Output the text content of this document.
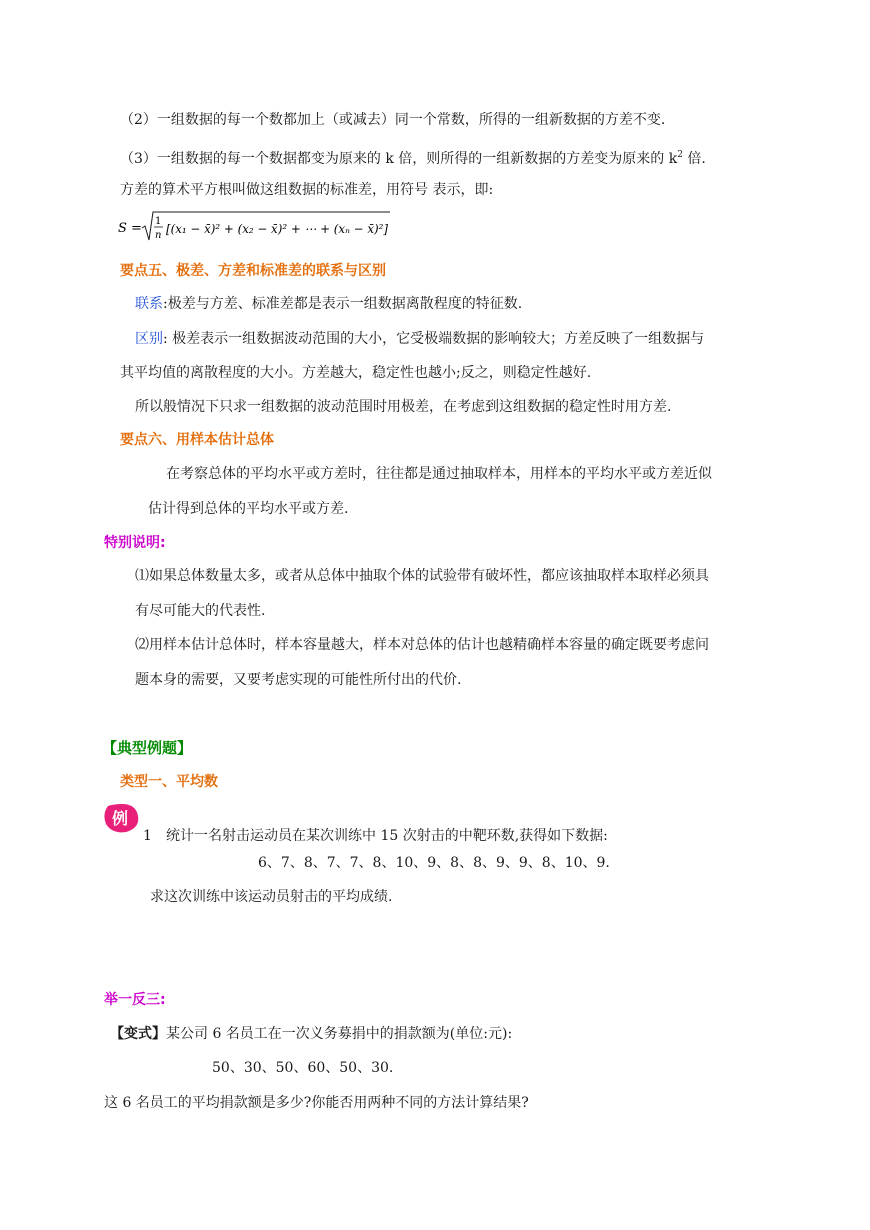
（2）一组数据的每一个数都加上（或减去）同一个常数，所得的一组新数据的方差不变.
（3）一组数据的每一个数据都变为原来的 k 倍，则所得的一组新数据的方差变为原来的 $k^2$ 倍.
方差的算术平方根叫做这组数据的标准差，用符号 表示，即:
S = 1
n [(x₁ − x̄)² + (x₂ − x̄)² + ⋯ + (xₙ − x̄)²]
要点五、极差、方差和标准差的联系与区别
联系:极差与方差、标准差都是表示一组数据离散程度的特征数.
区别: 极差表示一组数据波动范围的大小，它受极端数据的影响较大；方差反映了一组数据与
其平均值的离散程度的大小。方差越大，稳定性也越小;反之，则稳定性越好.
所以般情况下只求一组数据的波动范围时用极差，在考虑到这组数据的稳定性时用方差.
要点六、用样本估计总体
在考察总体的平均水平或方差时，往往都是通过抽取样本，用样本的平均水平或方差近似
估计得到总体的平均水平或方差.
特别说明:
⑴如果总体数量太多，或者从总体中抽取个体的试验带有破坏性，都应该抽取样本取样必须具
有尽可能大的代表性.
⑵用样本估计总体时，样本容量越大，样本对总体的估计也越精确样本容量的确定既要考虑问
题本身的需要，又要考虑实现的可能性所付出的代价.
【典型例题】
类型一、平均数
例
1 统计一名射击运动员在某次训练中 15 次射击的中靶环数,获得如下数据:
6、7、8、7、7、8、10、9、8、8、9、9、8、10、9.
求这次训练中该运动员射击的平均成绩.
举一反三:
【变式】某公司 6 名员工在一次义务募捐中的捐款额为(单位:元):
50、30、50、60、50、30.
这 6 名员工的平均捐款额是多少?你能否用两种不同的方法计算结果?
